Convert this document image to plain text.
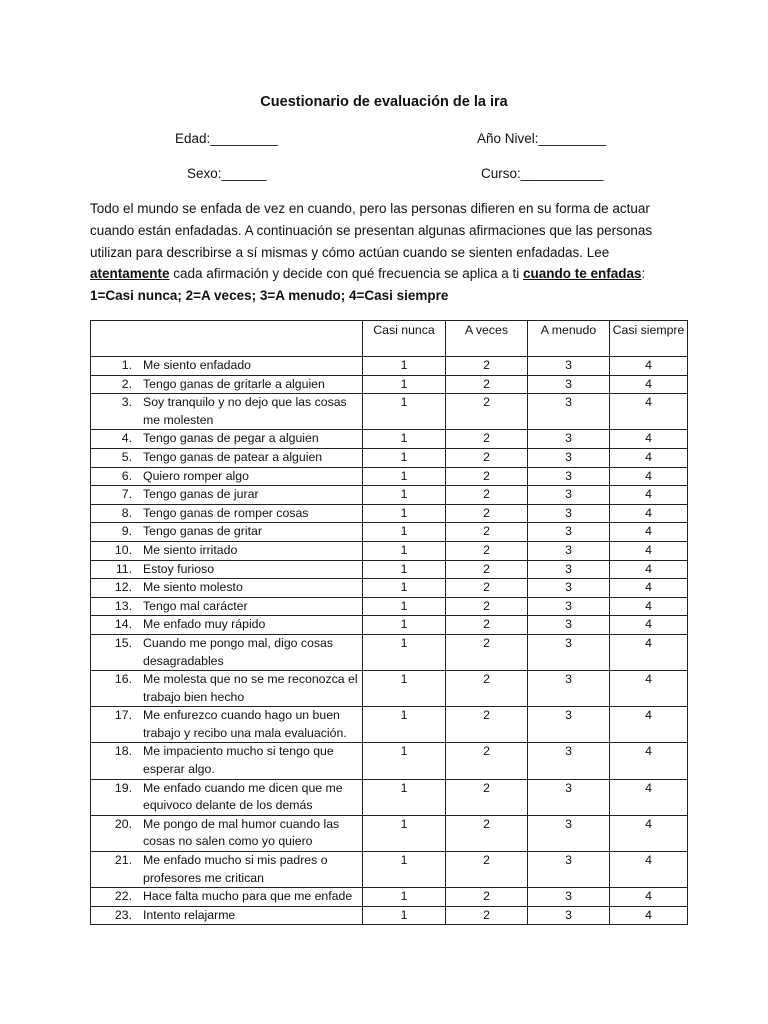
Cuestionario de evaluación de la ira
Edad:_________	Año Nivel:_________
Sexo:______	Curso:___________
Todo el mundo se enfada de vez en cuando, pero las personas difieren en su forma de actuar cuando están enfadadas. A continuación se presentan algunas afirmaciones que las personas utilizan para describirse a sí mismas y cómo actúan cuando se sienten enfadadas. Lee atentamente cada afirmación y decide con qué frecuencia se aplica a ti cuando te enfadas:
1=Casi nunca; 2=A veces; 3=A menudo; 4=Casi siempre
	Casi nunca	A veces	A menudo	Casi siempre

1. Me siento enfadado	1	2	3	4

2. Tengo ganas de gritarle a alguien	1	2	3	4

3. Soy tranquilo y no dejo que las cosas me molesten	1	2	3	4

4. Tengo ganas de pegar a alguien	1	2	3	4

5. Tengo ganas de patear a alguien	1	2	3	4

6. Quiero romper algo	1	2	3	4

7. Tengo ganas de jurar	1	2	3	4

8. Tengo ganas de romper cosas	1	2	3	4

9. Tengo ganas de gritar	1	2	3	4

10. Me siento irritado	1	2	3	4

11. Estoy furioso	1	2	3	4

12. Me siento molesto	1	2	3	4

13. Tengo mal carácter	1	2	3	4

14. Me enfado muy rápido	1	2	3	4

15. Cuando me pongo mal, digo cosas desagradables	1	2	3	4

16. Me molesta que no se me reconozca el trabajo bien hecho	1	2	3	4

17. Me enfurezco cuando hago un buen trabajo y recibo una mala evaluación.	1	2	3	4

18. Me impaciento mucho si tengo que esperar algo.	1	2	3	4

19. Me enfado cuando me dicen que me equivoco delante de los demás	1	2	3	4

20. Me pongo de mal humor cuando las cosas no salen como yo quiero	1	2	3	4

21. Me enfado mucho si mis padres o profesores me critican	1	2	3	4

22. Hace falta mucho para que me enfade	1	2	3	4

23. Intento relajarme	1	2	3	4
